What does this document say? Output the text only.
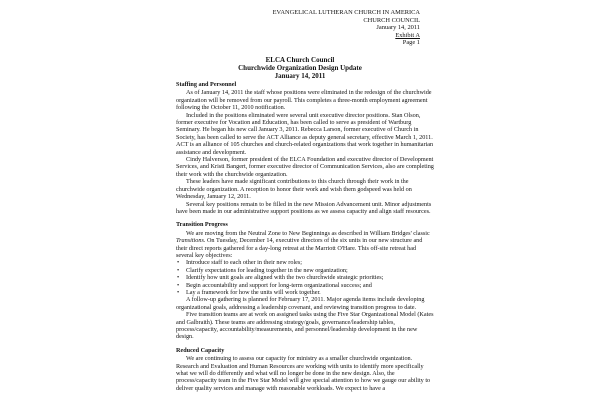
EVANGELICAL LUTHERAN CHURCH IN AMERICA
CHURCH COUNCIL
January 14, 2011
Exhibit A
Page 1
ELCA Church Council
Churchwide Organization Design Update
January 14, 2011
Staffing and Personnel

As of January 14, 2011 the staff whose positions were eliminated in the redesign of the churchwide organization will be removed from our payroll. This completes a three-month employment agreement following the October 11, 2010 notification.

Included in the positions eliminated were several unit executive director positions. Stan Olson, former executive for Vocation and Education, has been called to serve as president of Wartburg Seminary. He began his new call January 3, 2011. Rebecca Larson, former executive of Church in Society, has been called to serve the ACT Alliance as deputy general secretary, effective March 1, 2011. ACT is an alliance of 105 churches and church-related organizations that work together in humanitarian assistance and development.

Cindy Halverson, former president of the ELCA Foundation and executive director of Development Services, and Kristi Bangert, former executive director of Communication Services, also are completing their work with the churchwide organization.

These leaders have made significant contributions to this church through their work in the churchwide organization. A reception to honor their work and wish them godspeed was held on Wednesday, January 12, 2011.

Several key positions remain to be filled in the new Mission Advancement unit. Minor adjustments have been made in our administrative support positions as we assess capacity and align staff resources.

Transition Progress

We are moving from the Neutral Zone to New Beginnings as described in William Bridges' classic Transitions. On Tuesday, December 14, executive directors of the six units in our new structure and their direct reports gathered for a day-long retreat at the Marriott O'Hare. This off-site retreat had several key objectives:

• Introduce staff to each other in their new roles;
• Clarify expectations for leading together in the new organization;
• Identify how unit goals are aligned with the two churchwide strategic priorities;
• Begin accountability and support for long-term organizational success; and
• Lay a framework for how the units will work together.

A follow-up gathering is planned for February 17, 2011. Major agenda items include developing organizational goals, addressing a leadership covenant, and reviewing transition progress to date.

Five transition teams are at work on assigned tasks using the Five Star Organizational Model (Kates and Galbraith). These teams are addressing strategy/goals, governance/leadership tables, process/capacity, accountability/measurements, and personnel/leadership development in the new design.

Reduced Capacity

We are continuing to assess our capacity for ministry as a smaller churchwide organization. Research and Evaluation and Human Resources are working with units to identify more specifically what we will do differently and what will no longer be done in the new design. Also, the process/capacity team in the Five Star Model will give special attention to how we gauge our ability to deliver quality services and manage with reasonable workloads. We expect to have a
